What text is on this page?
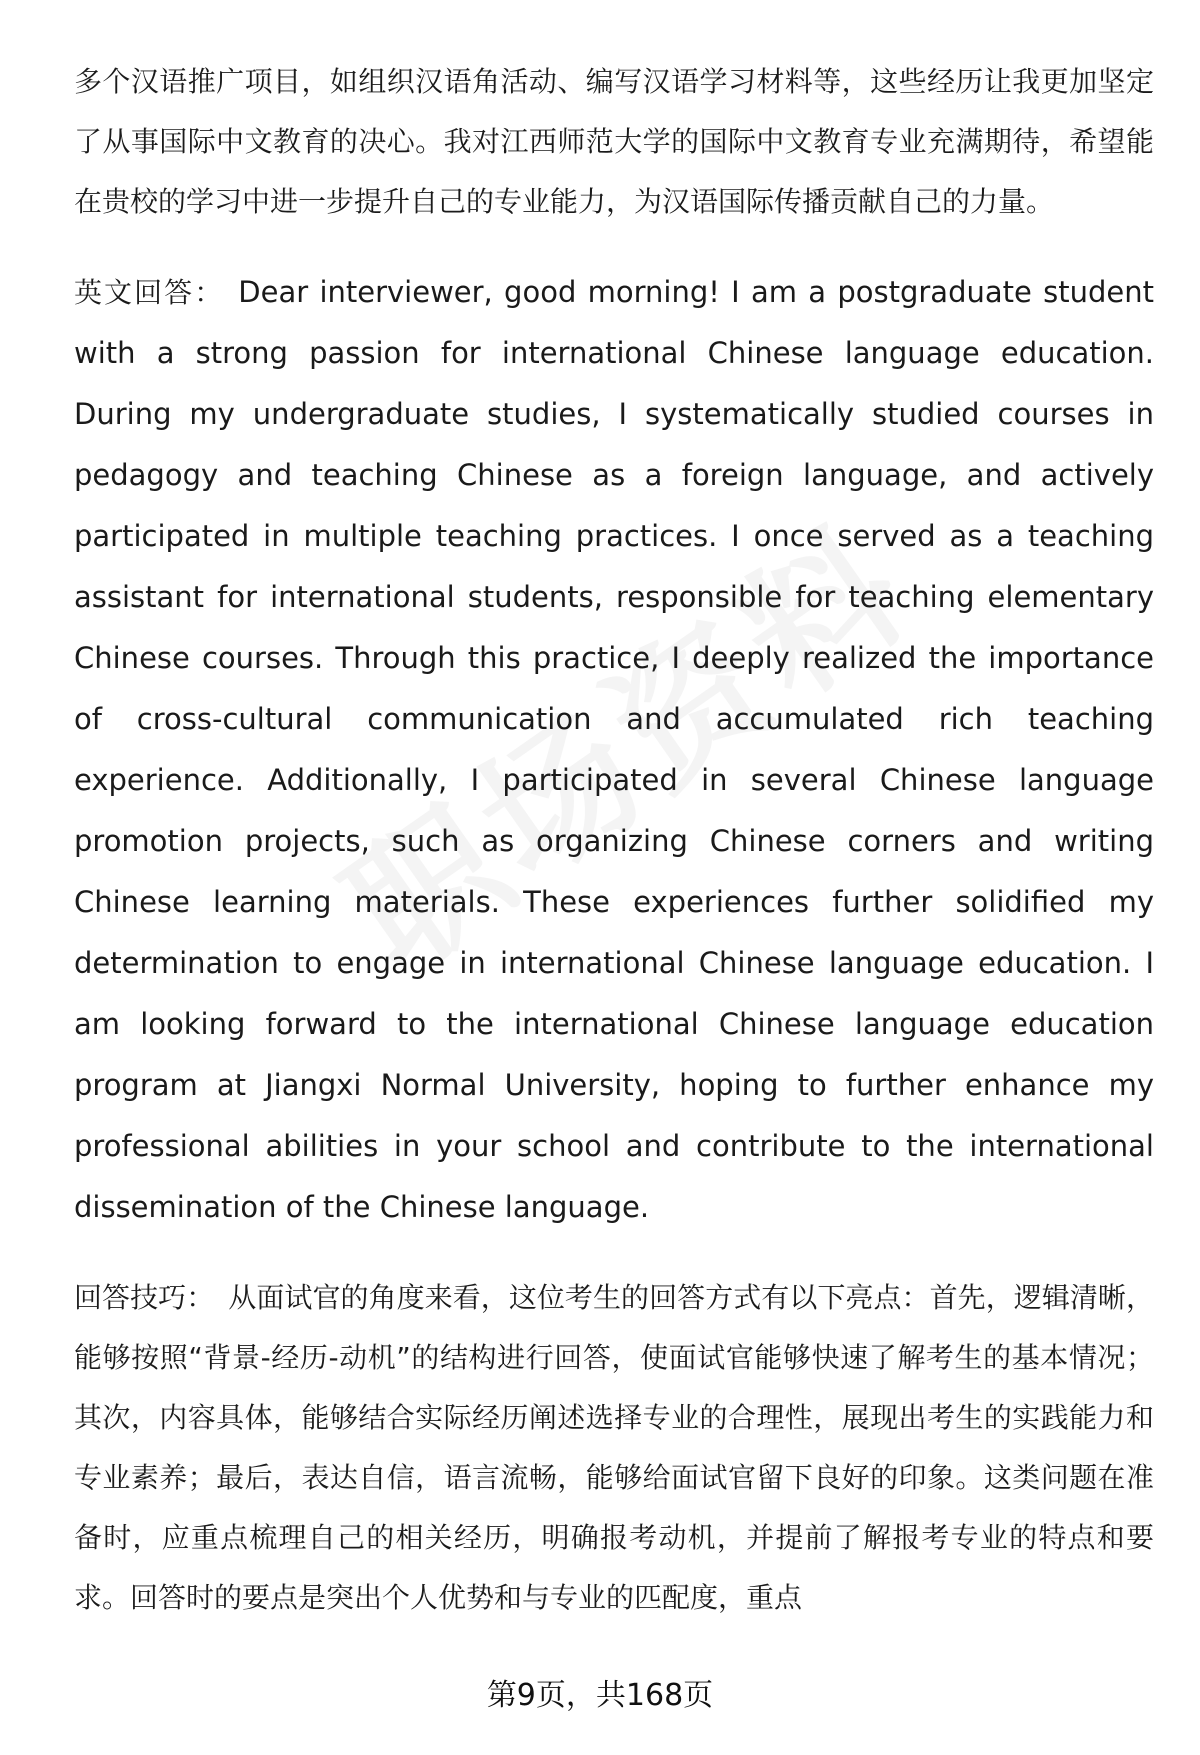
多个汉语推广项目，如组织汉语角活动、编写汉语学习材料等，这些经历让我更加坚定了从事国际中文教育的决心。我对江西师范大学的国际中文教育专业充满期待，希望能在贵校的学习中进一步提升自己的专业能力，为汉语国际传播贡献自己的力量。

英文回答： Dear interviewer, good morning! I am a postgraduate student with a strong passion for international Chinese language education. During my undergraduate studies, I systematically studied courses in pedagogy and teaching Chinese as a foreign language, and actively participated in multiple teaching practices. I once served as a teaching assistant for international students, responsible for teaching elementary Chinese courses. Through this practice, I deeply realized the importance of cross-cultural communication and accumulated rich teaching experience. Additionally, I participated in several Chinese language promotion projects, such as organizing Chinese corners and writing Chinese learning materials. These experiences further solidified my determination to engage in international Chinese language education. I am looking forward to the international Chinese language education program at Jiangxi Normal University, hoping to further enhance my professional abilities in your school and contribute to the international dissemination of the Chinese language.

回答技巧： 从面试官的角度来看，这位考生的回答方式有以下亮点：首先，逻辑清晰，能够按照“背景-经历-动机”的结构进行回答，使面试官能够快速了解考生的基本情况；其次，内容具体，能够结合实际经历阐述选择专业的合理性，展现出考生的实践能力和专业素养；最后，表达自信，语言流畅，能够给面试官留下良好的印象。这类问题在准备时，应重点梳理自己的相关经历，明确报考动机，并提前了解报考专业的特点和要求。回答时的要点是突出个人优势和与专业的匹配度，重点

第9页，共168页
